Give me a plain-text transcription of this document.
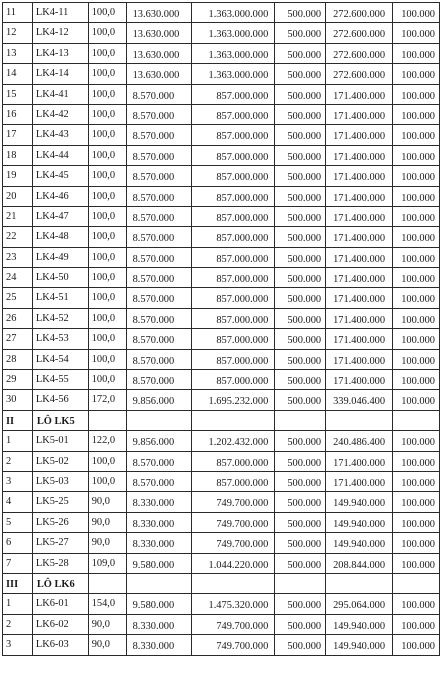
11	LK4-11	100,0	13.630.000	1.363.000.000	500.000	272.600.000	100.000
12	LK4-12	100,0	13.630.000	1.363.000.000	500.000	272.600.000	100.000
13	LK4-13	100,0	13.630.000	1.363.000.000	500.000	272.600.000	100.000
14	LK4-14	100,0	13.630.000	1.363.000.000	500.000	272.600.000	100.000
15	LK4-41	100,0	8.570.000	857.000.000	500.000	171.400.000	100.000
16	LK4-42	100,0	8.570.000	857.000.000	500.000	171.400.000	100.000
17	LK4-43	100,0	8.570.000	857.000.000	500.000	171.400.000	100.000
18	LK4-44	100,0	8.570.000	857.000.000	500.000	171.400.000	100.000
19	LK4-45	100,0	8.570.000	857.000.000	500.000	171.400.000	100.000
20	LK4-46	100,0	8.570.000	857.000.000	500.000	171.400.000	100.000
21	LK4-47	100,0	8.570.000	857.000.000	500.000	171.400.000	100.000
22	LK4-48	100,0	8.570.000	857.000.000	500.000	171.400.000	100.000
23	LK4-49	100,0	8.570.000	857.000.000	500.000	171.400.000	100.000
24	LK4-50	100,0	8.570.000	857.000.000	500.000	171.400.000	100.000
25	LK4-51	100,0	8.570.000	857.000.000	500.000	171.400.000	100.000
26	LK4-52	100,0	8.570.000	857.000.000	500.000	171.400.000	100.000
27	LK4-53	100,0	8.570.000	857.000.000	500.000	171.400.000	100.000
28	LK4-54	100,0	8.570.000	857.000.000	500.000	171.400.000	100.000
29	LK4-55	100,0	8.570.000	857.000.000	500.000	171.400.000	100.000
30	LK4-56	172,0	9.856.000	1.695.232.000	500.000	339.046.400	100.000
II	LÔ LK5						
1	LK5-01	122,0	9.856.000	1.202.432.000	500.000	240.486.400	100.000
2	LK5-02	100,0	8.570.000	857.000.000	500.000	171.400.000	100.000
3	LK5-03	100,0	8.570.000	857.000.000	500.000	171.400.000	100.000
4	LK5-25	90,0	8.330.000	749.700.000	500.000	149.940.000	100.000
5	LK5-26	90,0	8.330.000	749.700.000	500.000	149.940.000	100.000
6	LK5-27	90,0	8.330.000	749.700.000	500.000	149.940.000	100.000
7	LK5-28	109,0	9.580.000	1.044.220.000	500.000	208.844.000	100.000
III	LÔ LK6						
1	LK6-01	154,0	9.580.000	1.475.320.000	500.000	295.064.000	100.000
2	LK6-02	90,0	8.330.000	749.700.000	500.000	149.940.000	100.000
3	LK6-03	90,0	8.330.000	749.700.000	500.000	149.940.000	100.000
